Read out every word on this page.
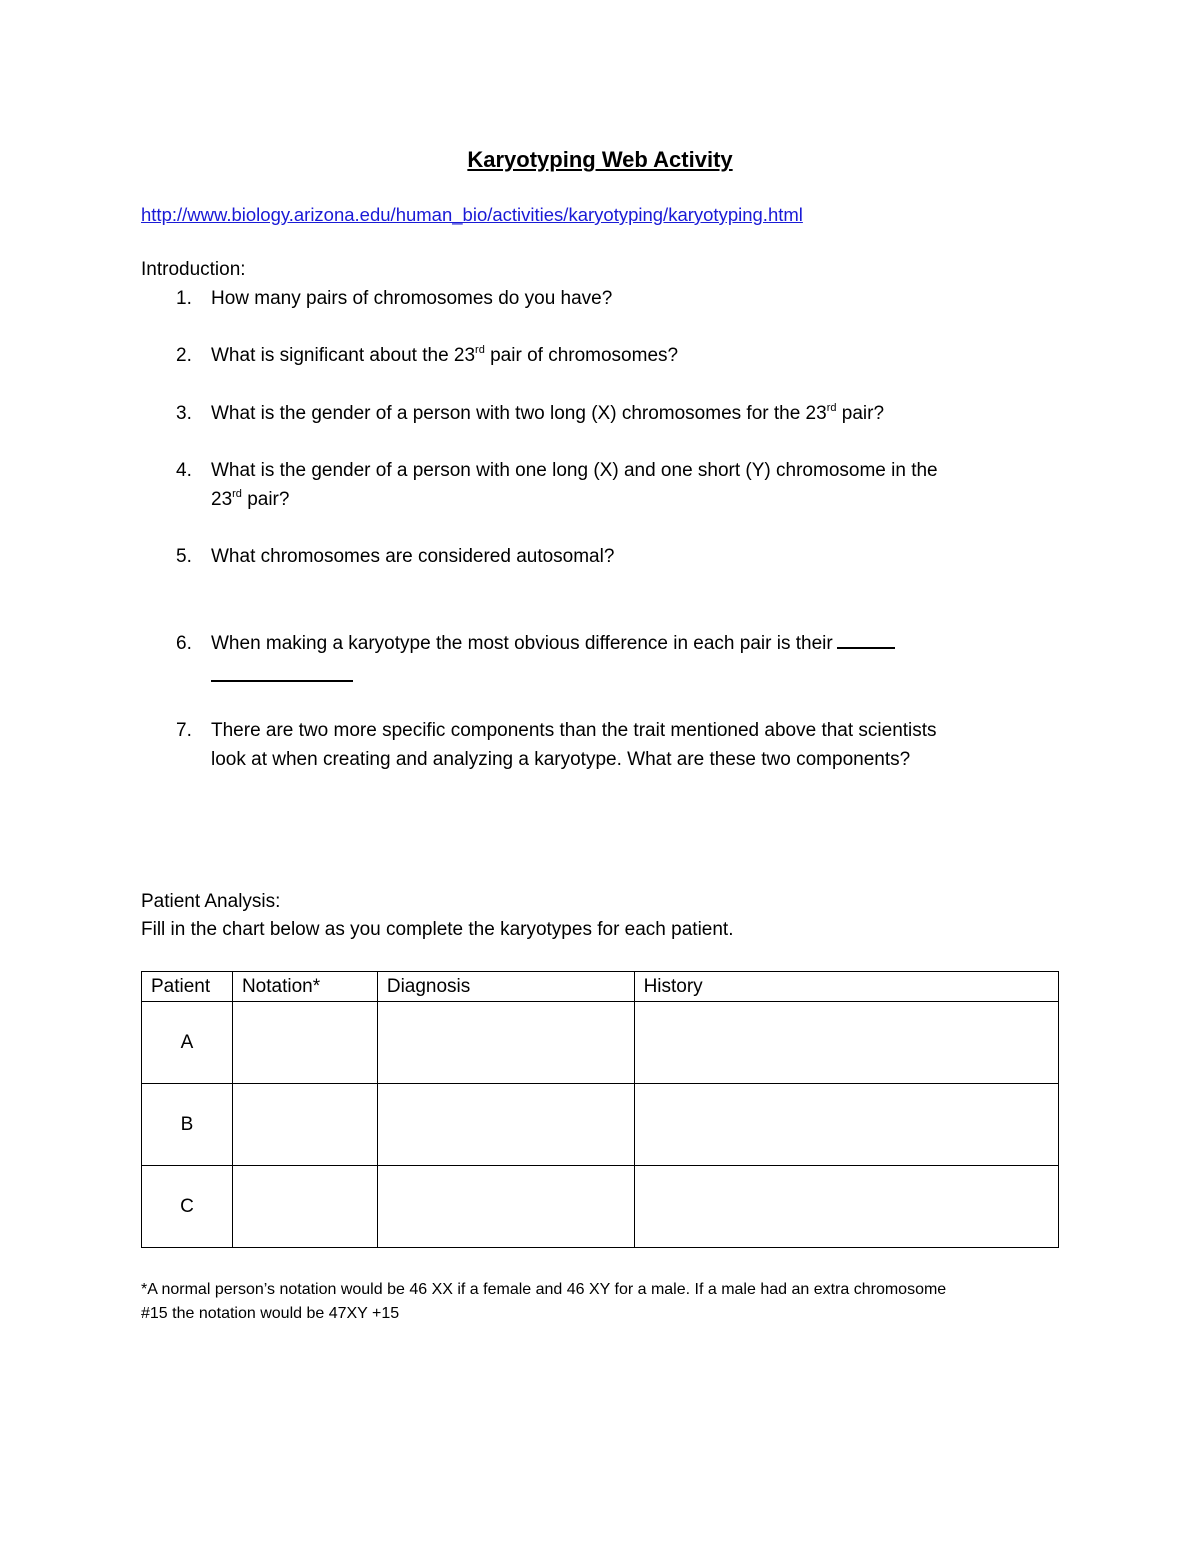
Karyotyping Web Activity
http://www.biology.arizona.edu/human_bio/activities/karyotyping/karyotyping.html
Introduction:
1.	How many pairs of chromosomes do you have?
2.	What is significant about the 23rd pair of chromosomes?
3.	What is the gender of a person with two long (X) chromosomes for the 23rd pair?
4.	What is the gender of a person with one long (X) and one short (Y) chromosome in the
23rd pair?
5.	What chromosomes are considered autosomal?
6.	When making a karyotype the most obvious difference in each pair is their
7.	There are two more specific components than the trait mentioned above that scientists
look at when creating and analyzing a karyotype. What are these two components?
Patient Analysis:
Fill in the chart below as you complete the karyotypes for each patient.
Patient	Notation*	Diagnosis	History
A			
B			
C			
*A normal person’s notation would be 46 XX if a female and 46 XY for a male. If a male had an extra chromosome
#15 the notation would be 47XY +15
